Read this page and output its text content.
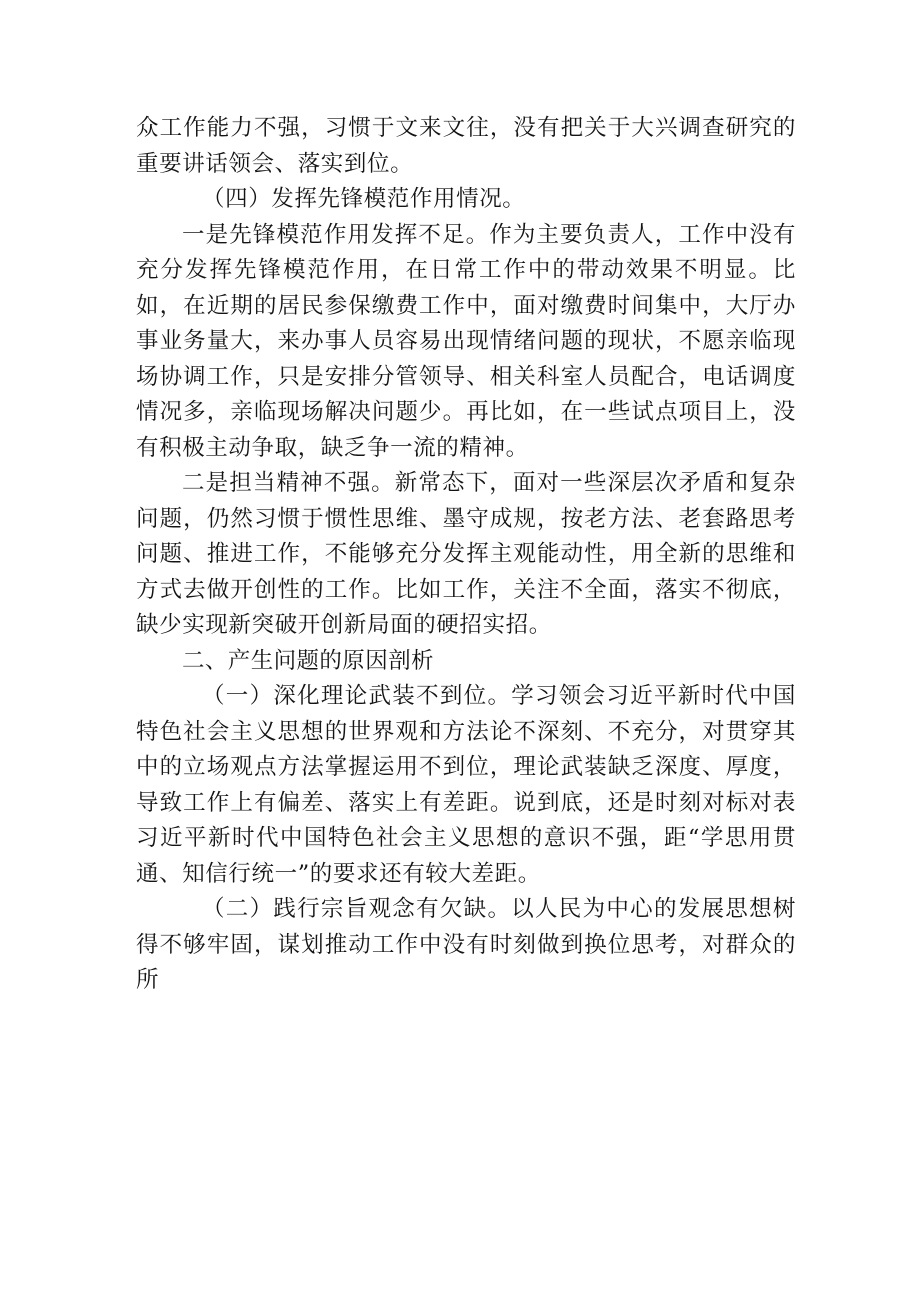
众工作能力不强，习惯于文来文往，没有把关于大兴调查研究的重要讲话领会、落实到位。

（四）发挥先锋模范作用情况。

一是先锋模范作用发挥不足。作为主要负责人，工作中没有充分发挥先锋模范作用，在日常工作中的带动效果不明显。比如，在近期的居民参保缴费工作中，面对缴费时间集中，大厅办事业务量大，来办事人员容易出现情绪问题的现状，不愿亲临现场协调工作，只是安排分管领导、相关科室人员配合，电话调度情况多，亲临现场解决问题少。再比如，在一些试点项目上，没有积极主动争取，缺乏争一流的精神。

二是担当精神不强。新常态下，面对一些深层次矛盾和复杂问题，仍然习惯于惯性思维、墨守成规，按老方法、老套路思考问题、推进工作，不能够充分发挥主观能动性，用全新的思维和方式去做开创性的工作。比如工作，关注不全面，落实不彻底，缺少实现新突破开创新局面的硬招实招。

二、产生问题的原因剖析

（一）深化理论武装不到位。学习领会习近平新时代中国特色社会主义思想的世界观和方法论不深刻、不充分，对贯穿其中的立场观点方法掌握运用不到位，理论武装缺乏深度、厚度，导致工作上有偏差、落实上有差距。说到底，还是时刻对标对表习近平新时代中国特色社会主义思想的意识不强，距“学思用贯通、知信行统一”的要求还有较大差距。

（二）践行宗旨观念有欠缺。以人民为中心的发展思想树得不够牢固，谋划推动工作中没有时刻做到换位思考，对群众的所
